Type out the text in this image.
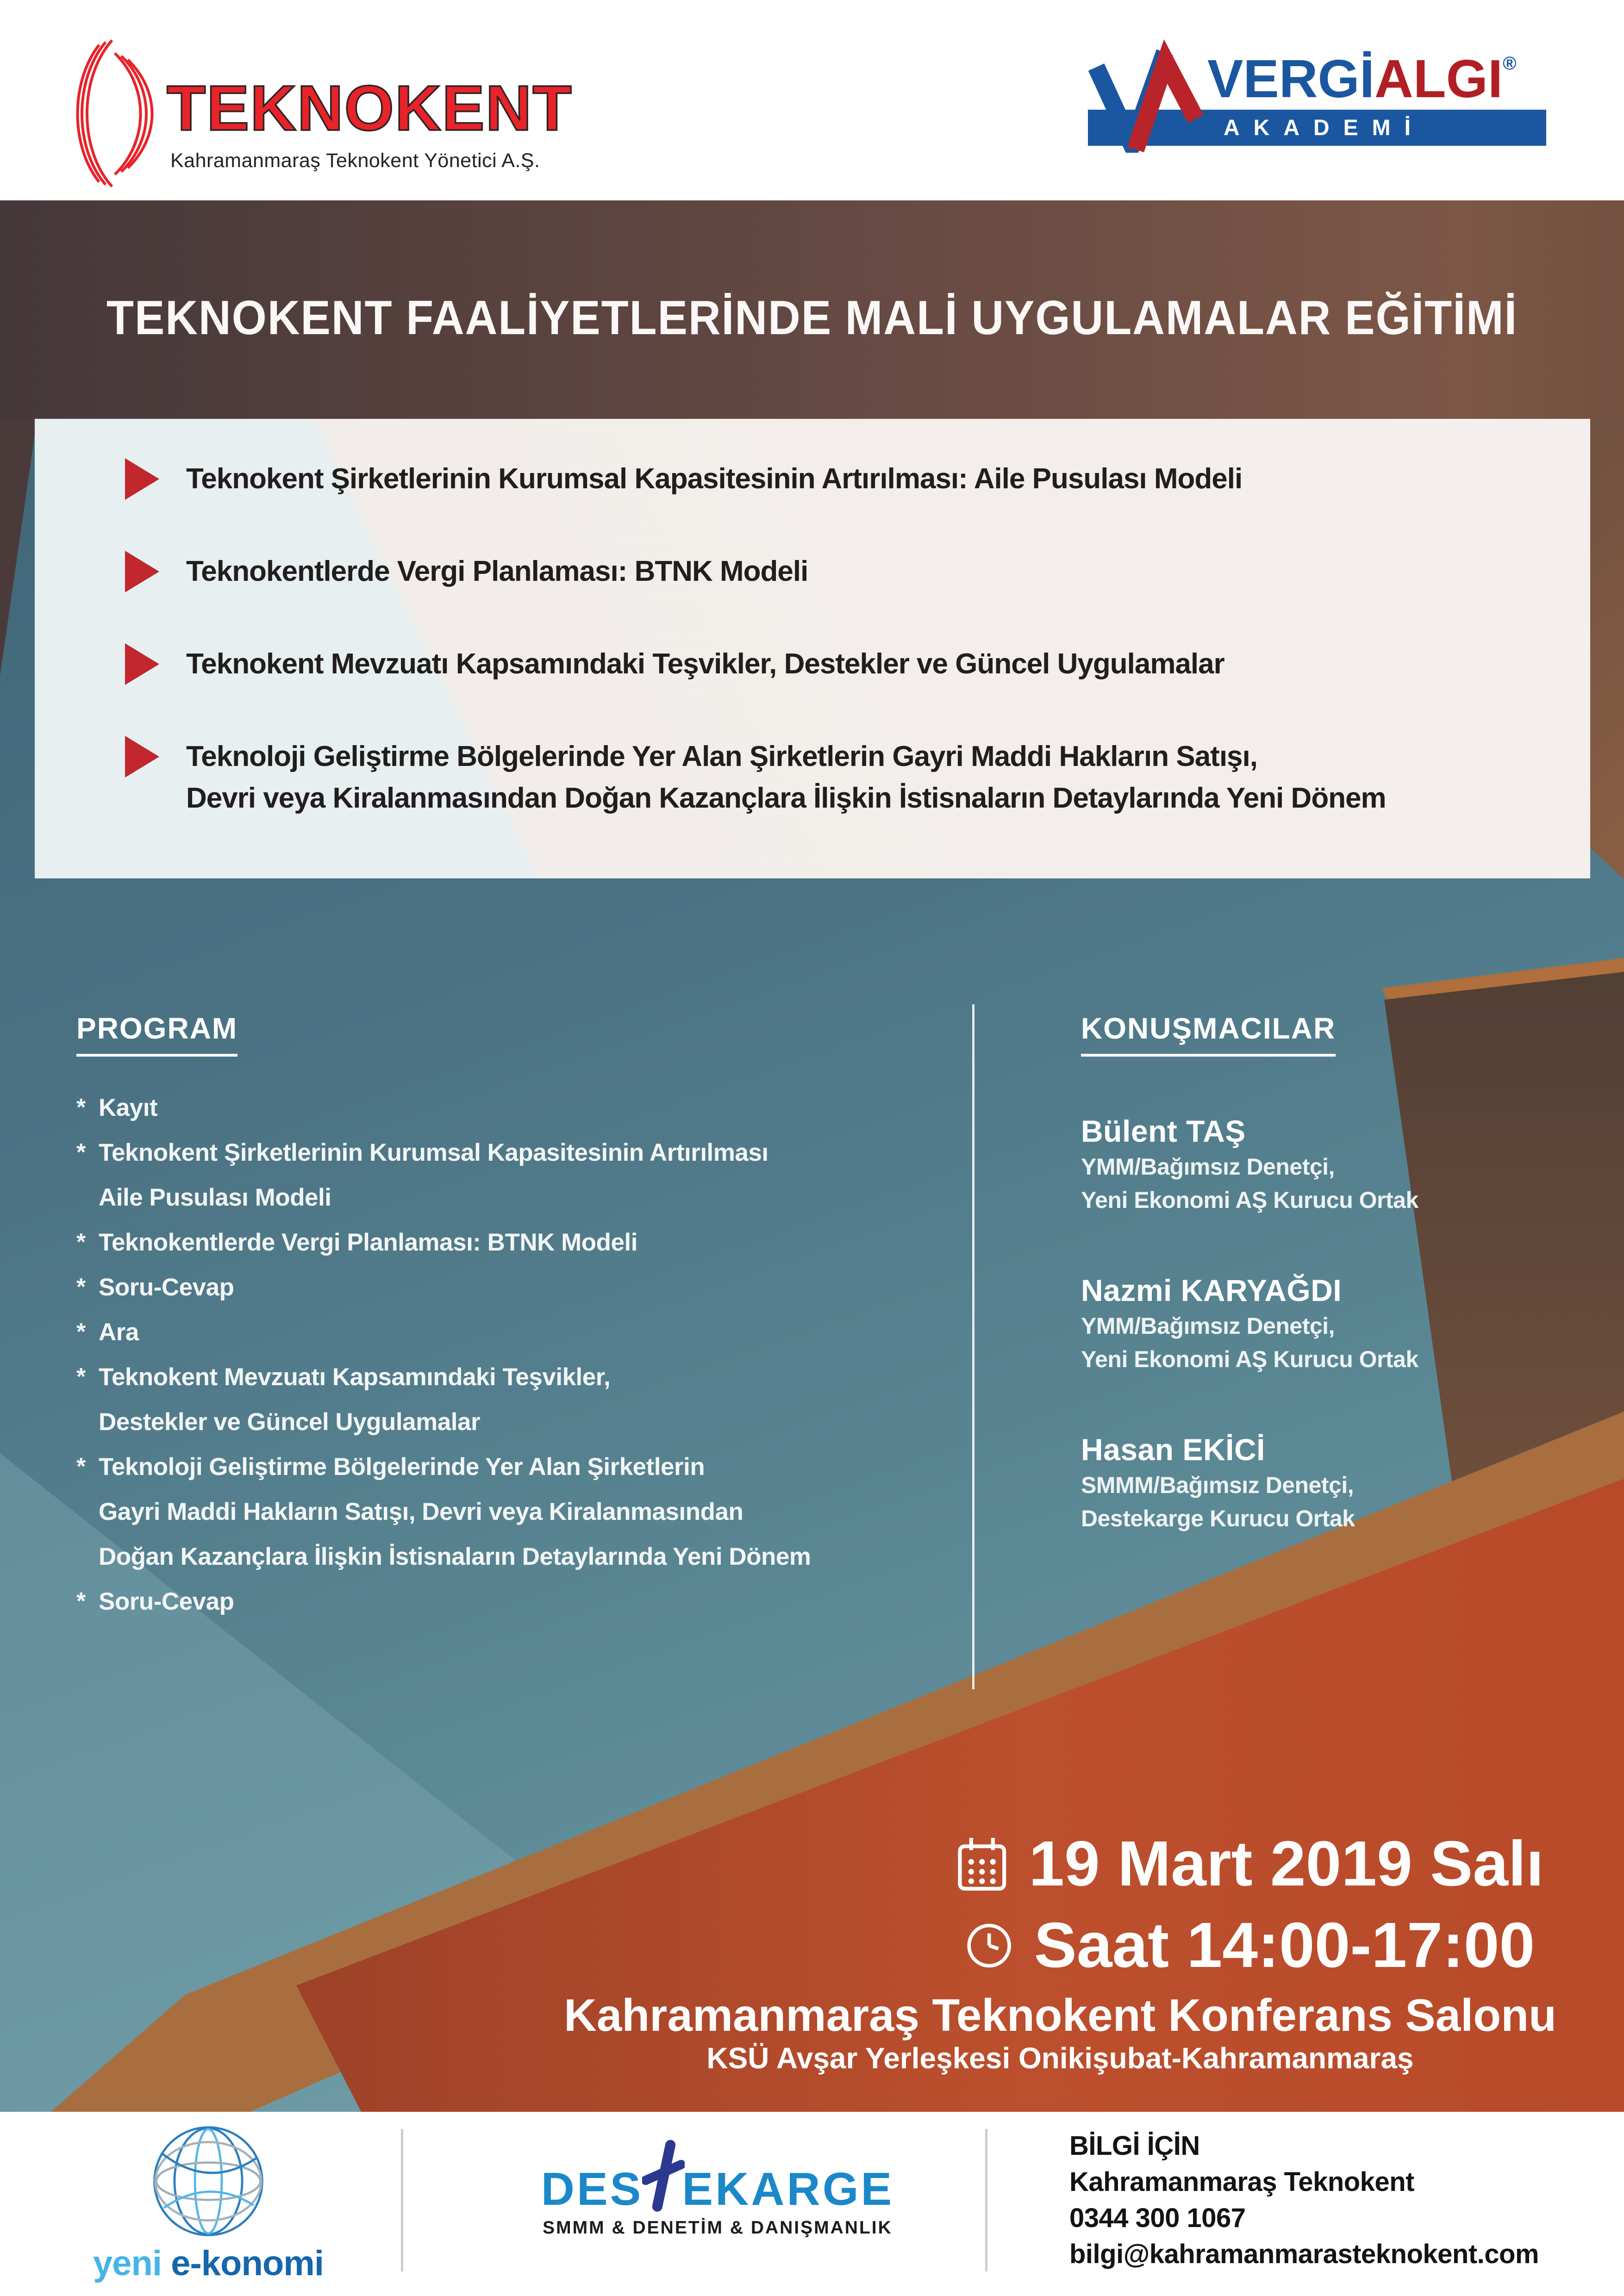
TEKNOKENT
Kahramanmaraş Teknokent Yönetici A.Ş.
AKADEMİ
VERGİALGI®
TEKNOKENT FAALİYETLERİNDE MALİ UYGULAMALAR EĞİTİMİ
Teknokent Şirketlerinin Kurumsal Kapasitesinin Artırılması: Aile Pusulası Modeli
Teknokentlerde Vergi Planlaması: BTNK Modeli
Teknokent Mevzuatı Kapsamındaki Teşvikler, Destekler ve Güncel Uygulamalar
Teknoloji Geliştirme Bölgelerinde Yer Alan Şirketlerin Gayri Maddi Hakların Satışı,
Devri veya Kiralanmasından Doğan Kazançlara İlişkin İstisnaların Detaylarında Yeni Dönem
PROGRAM
* Kayıt
* Teknokent Şirketlerinin Kurumsal Kapasitesinin Artırılması
Aile Pusulası Modeli
* Teknokentlerde Vergi Planlaması: BTNK Modeli
* Soru-Cevap
* Ara
* Teknokent Mevzuatı Kapsamındaki Teşvikler,
Destekler ve Güncel Uygulamalar
* Teknoloji Geliştirme Bölgelerinde Yer Alan Şirketlerin
Gayri Maddi Hakların Satışı, Devri veya Kiralanmasından
Doğan Kazançlara İlişkin İstisnaların Detaylarında Yeni Dönem
* Soru-Cevap
KONUŞMACILAR
Bülent TAŞ
YMM/Bağımsız Denetçi,
Yeni Ekonomi AŞ Kurucu Ortak
Nazmi KARYAĞDI
YMM/Bağımsız Denetçi,
Yeni Ekonomi AŞ Kurucu Ortak
Hasan EKİCİ
SMMM/Bağımsız Denetçi,
Destekarge Kurucu Ortak
19 Mart 2019 Salı
Saat 14:00-17:00
Kahramanmaraş Teknokent Konferans Salonu
KSÜ Avşar Yerleşkesi Onikişubat-Kahramanmaraş
yeni e-konomi
DES EKARGE
SMMM & DENETİM & DANIŞMANLIK
BİLGİ İÇİN
Kahramanmaraş Teknokent
0344 300 1067
bilgi@kahramanmarasteknokent.com
